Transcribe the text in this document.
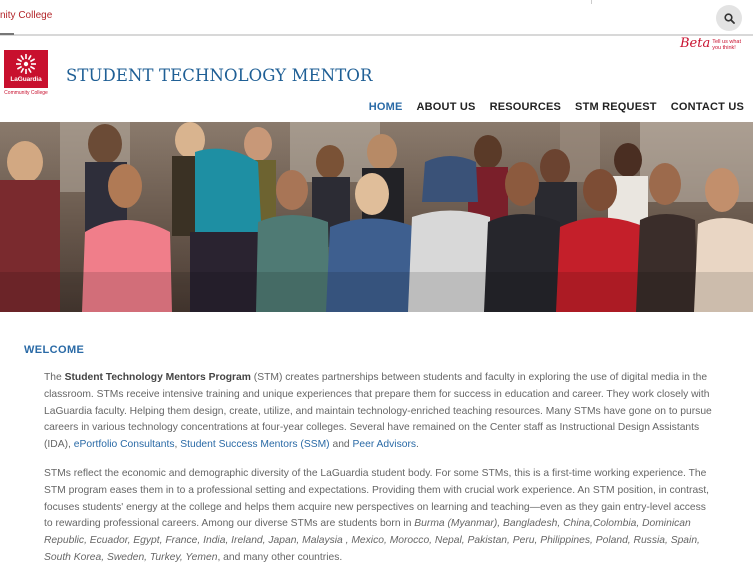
nity College
LaGuardia
Community College
STUDENT TECHNOLOGY MENTOR
Beta Tell us what
you think!
HOME ABOUT US RESOURCES STM REQUEST CONTACT US
WELCOME

The Student Technology Mentors Program (STM) creates partnerships between students and faculty in exploring the use of digital media in the classroom. STMs receive intensive training and unique experiences that prepare them for success in education and career. They work closely with LaGuardia faculty. Helping them design, create, utilize, and maintain technology-enriched teaching resources. Many STMs have gone on to pursue careers in various technology concentrations at four-year colleges. Several have remained on the Center staff as Instructional Design Assistants (IDA), ePortfolio Consultants, Student Success Mentors (SSM) and Peer Advisors.

STMs reflect the economic and demographic diversity of the LaGuardia student body. For some STMs, this is a first-time working experience. The STM program eases them in to a professional setting and expectations. Providing them with crucial work experience. An STM position, in contrast, focuses students' energy at the college and helps them acquire new perspectives on learning and teaching—even as they gain entry-level access to rewarding professional careers. Among our diverse STMs are students born in Burma (Myanmar), Bangladesh, China,Colombia, Dominican Republic, Ecuador, Egypt, France, India, Ireland, Japan, Malaysia , Mexico, Morocco, Nepal, Pakistan, Peru, Philippines, Poland, Russia, Spain, South Korea, Sweden, Turkey, Yemen, and many other countries.
